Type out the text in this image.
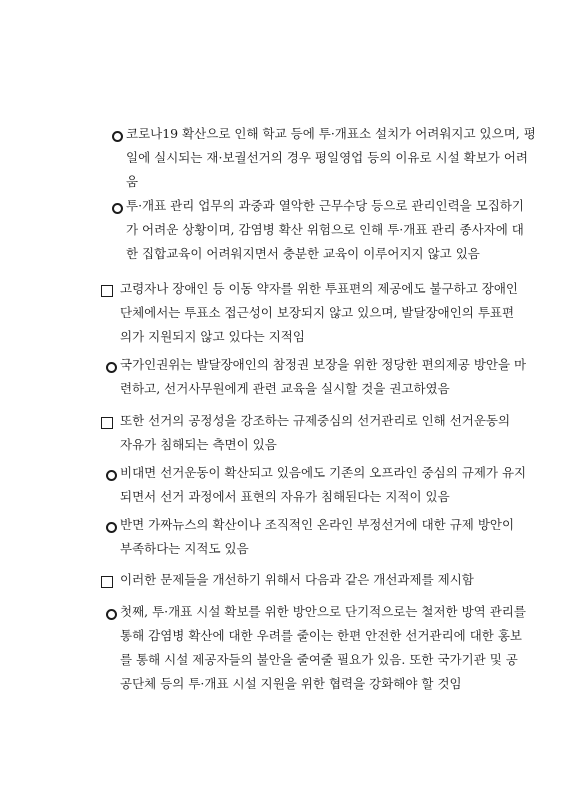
코로나19 확산으로 인해 학교 등에 투·개표소 설치가 어려워지고 있으며, 평
일에 실시되는 재·보궐선거의 경우 평일영업 등의 이유로 시설 확보가 어려
움
투·개표 관리 업무의 과중과 열악한 근무수당 등으로 관리인력을 모집하기
가 어려운 상황이며, 감염병 확산 위험으로 인해 투·개표 관리 종사자에 대
한 집합교육이 어려워지면서 충분한 교육이 이루어지지 않고 있음
고령자나 장애인 등 이동 약자를 위한 투표편의 제공에도 불구하고 장애인
단체에서는 투표소 접근성이 보장되지 않고 있으며, 발달장애인의 투표편
의가 지원되지 않고 있다는 지적임
국가인권위는 발달장애인의 참정권 보장을 위한 정당한 편의제공 방안을 마
련하고, 선거사무원에게 관련 교육을 실시할 것을 권고하였음
또한 선거의 공정성을 강조하는 규제중심의 선거관리로 인해 선거운동의
자유가 침해되는 측면이 있음
비대면 선거운동이 확산되고 있음에도 기존의 오프라인 중심의 규제가 유지
되면서 선거 과정에서 표현의 자유가 침해된다는 지적이 있음
반면 가짜뉴스의 확산이나 조직적인 온라인 부정선거에 대한 규제 방안이
부족하다는 지적도 있음
이러한 문제들을 개선하기 위해서 다음과 같은 개선과제를 제시함
첫째, 투·개표 시설 확보를 위한 방안으로 단기적으로는 철저한 방역 관리를
통해 감염병 확산에 대한 우려를 줄이는 한편 안전한 선거관리에 대한 홍보
를 통해 시설 제공자들의 불안을 줄여줄 필요가 있음. 또한 국가기관 및 공
공단체 등의 투·개표 시설 지원을 위한 협력을 강화해야 할 것임
